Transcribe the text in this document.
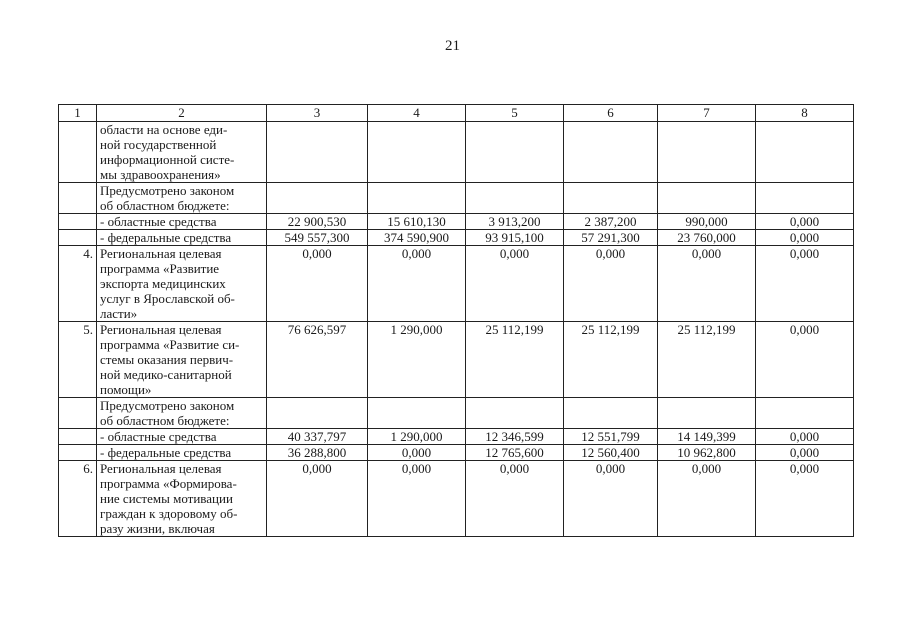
21
1	2	3	4	5	6	7	8
	области на основе еди-
ной государственной
информационной систе-
мы здравоохранения»						
	Предусмотрено законом
об областном бюджете:						
	- областные средства	22 900,530	15 610,130	3 913,200	2 387,200	990,000	0,000
	- федеральные средства	549 557,300	374 590,900	93 915,100	57 291,300	23 760,000	0,000
4.	Региональная целевая
программа «Развитие
экспорта медицинских
услуг в Ярославской об-
ласти»	0,000	0,000	0,000	0,000	0,000	0,000
5.	Региональная целевая
программа «Развитие си-
стемы оказания первич-
ной медико-санитарной
помощи»	76 626,597	1 290,000	25 112,199	25 112,199	25 112,199	0,000
	Предусмотрено законом
об областном бюджете:						
	- областные средства	40 337,797	1 290,000	12 346,599	12 551,799	14 149,399	0,000
	- федеральные средства	36 288,800	0,000	12 765,600	12 560,400	10 962,800	0,000
6.	Региональная целевая
программа «Формирова-
ние системы мотивации
граждан к здоровому об-
разу жизни, включая	0,000	0,000	0,000	0,000	0,000	0,000
